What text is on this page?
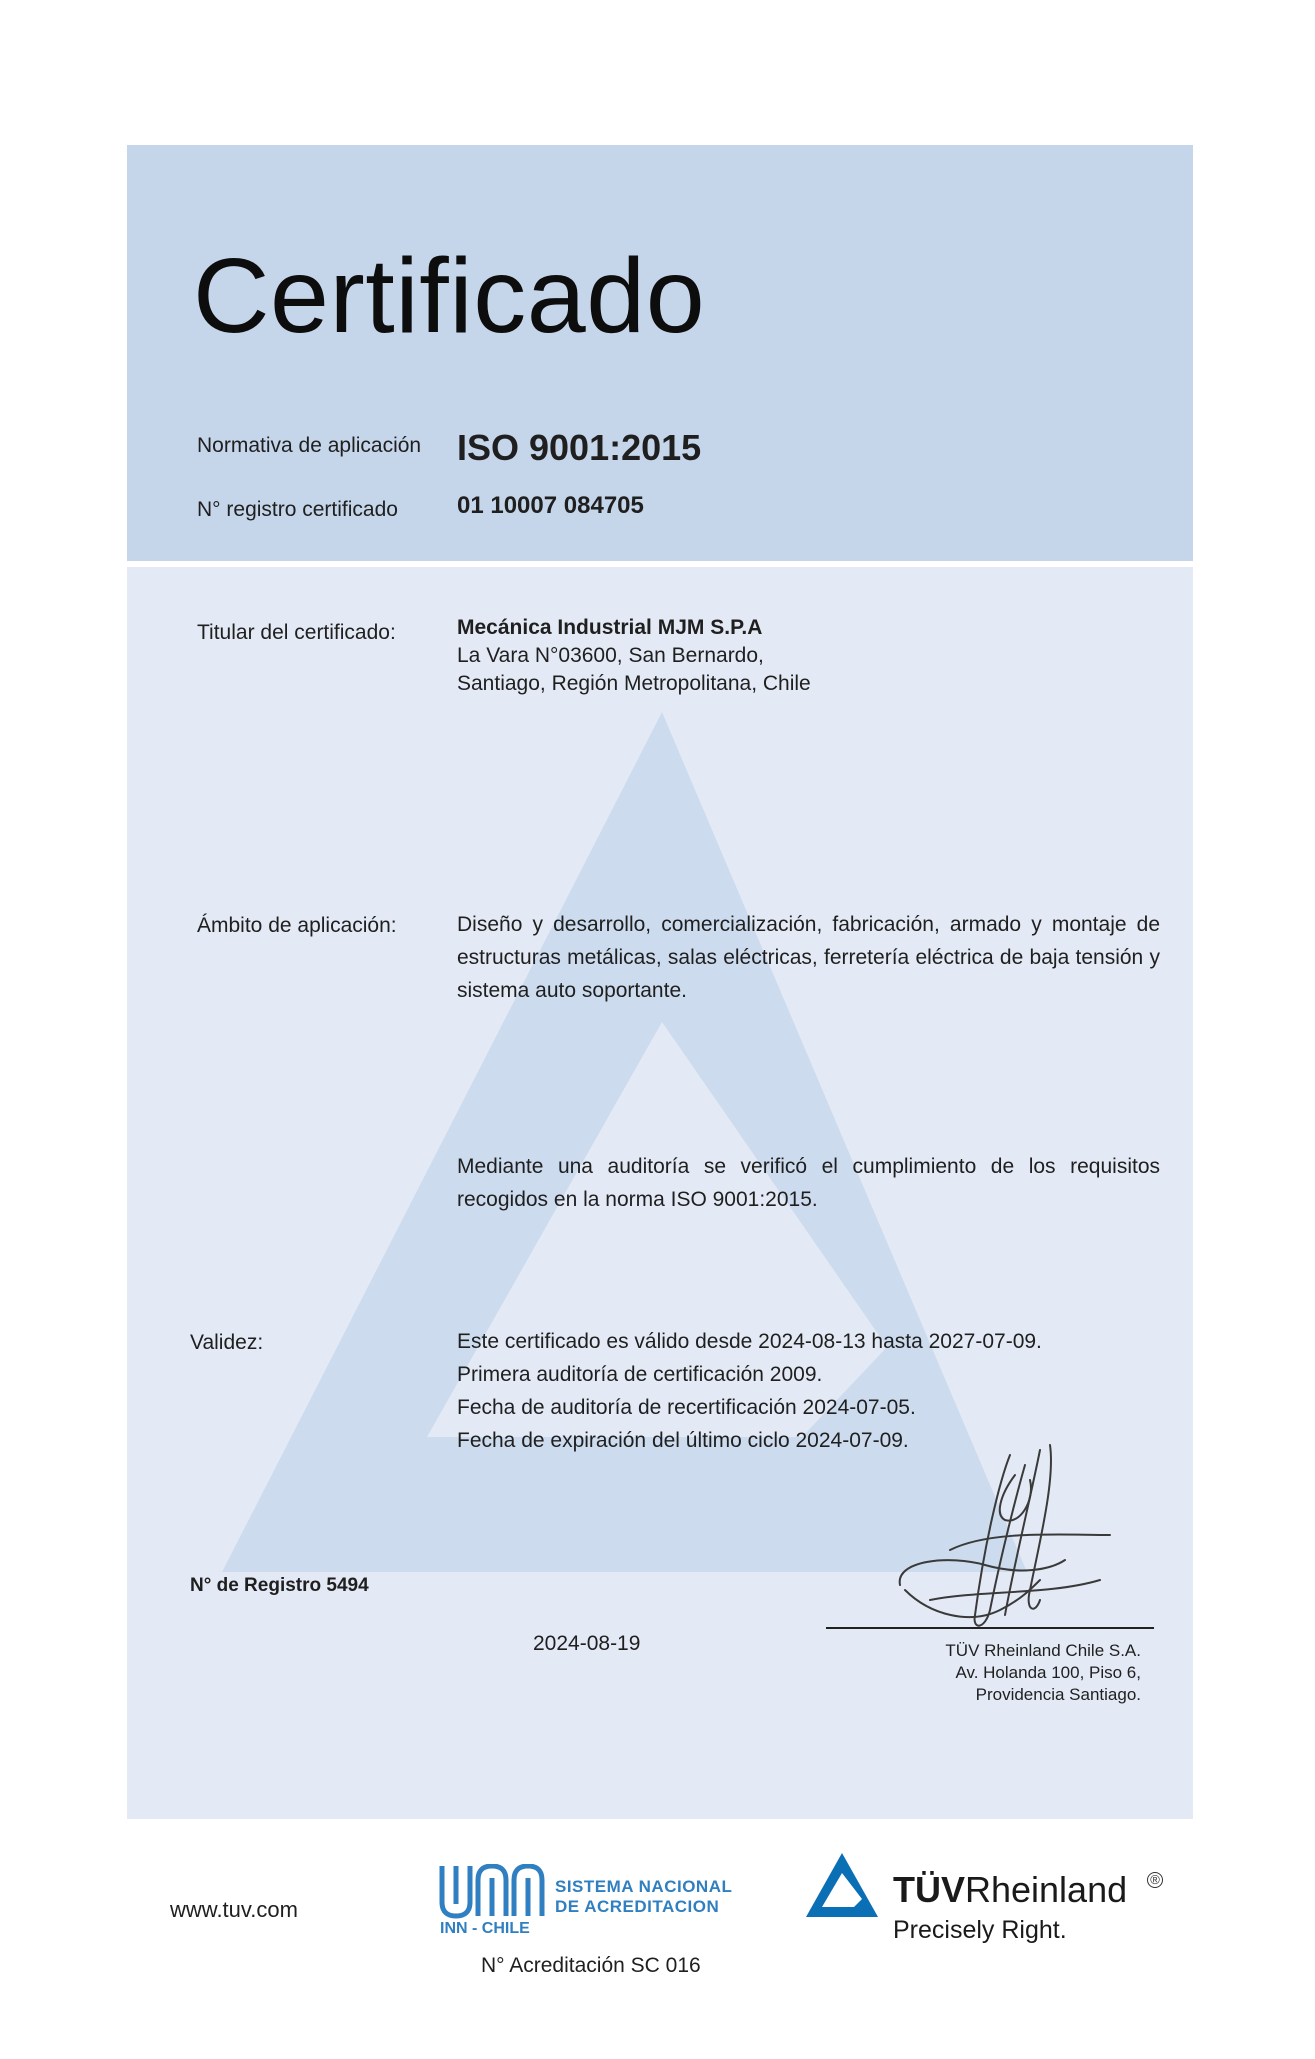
Certificado
Normativa de aplicación ISO 9001:2015
N° registro certificado 01 10007 084705
Titular del certificado:	Mecánica Industrial MJM S.P.A
La Vara N°03600, San Bernardo,
Santiago, Región Metropolitana, Chile
Ámbito de aplicación:	Diseño y desarrollo, comercialización, fabricación, armado y montaje de estructuras metálicas, salas eléctricas, ferretería eléctrica de baja tensión y sistema auto soportante.
Mediante una auditoría se verificó el cumplimiento de los requisitos recogidos en la norma ISO 9001:2015.
Validez:	Este certificado es válido desde 2024-08-13 hasta 2027-07-09.
Primera auditoría de certificación 2009.
Fecha de auditoría de recertificación 2024-07-05.
Fecha de expiración del último ciclo 2024-07-09.
N° de Registro 5494
2024-08-19	TÜV Rheinland Chile S.A.
Av. Holanda 100, Piso 6,
Providencia Santiago.
www.tuv.com
SISTEMA NACIONAL
DE ACREDITACION
INN - CHILE
N° Acreditación SC 016
TÜVRheinland ®
Precisely Right.
